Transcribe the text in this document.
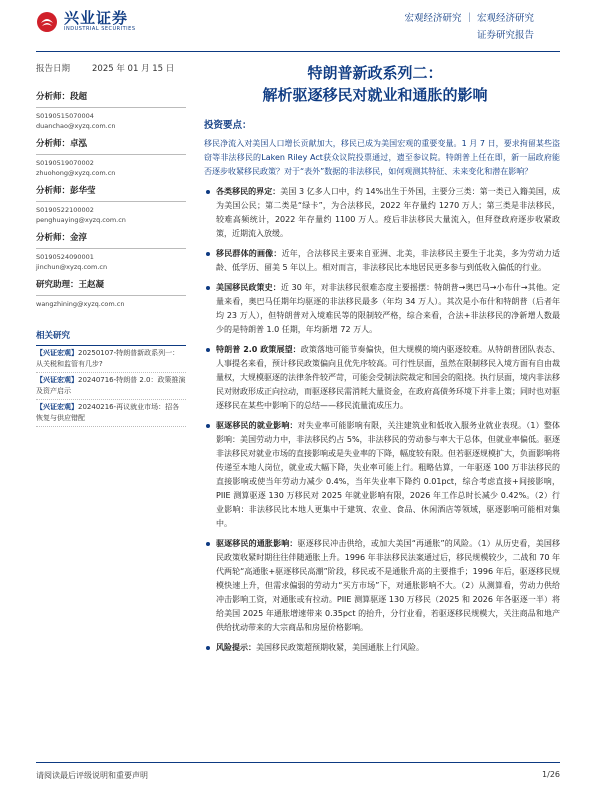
兴业证券
INDUSTRIAL SECURITIES
宏观经济研究 ｜ 宏观经济研究
证券研究报告
报告日期	2025 年 01 月 15 日	特朗普新政系列二：
解析驱逐移民对就业和通胀的影响
分析师：段超
S0190515070004
duanchao@xyzq.com.cn
分析师：卓泓
S0190519070002
zhuohong@xyzq.com.cn
分析师：彭华莹
S0190522100002
penghuaying@xyzq.com.cn
分析师：金淳
S0190524090001
jinchun@xyzq.com.cn
研究助理：王赵凝
wangzhining@xyzq.com.cn
相关研究
【兴证宏观】20250107-特朗普新政系列一：从关税和监管有几步?
【兴证宏观】20240716-特朗普 2.0：政策推演及资产启示
【兴证宏观】20240216-再议就业市场：招各恢复与供应错配
投资要点：
移民净流入对美国人口增长贡献加大，移民已成为美国宏观的重要变量。1 月 7 日，要求拘留某些盗窃等非法移民的Laken Riley Act获众议院投票通过，遗至参议院。特朗普上任在即，新一届政府能否逐步收紧移民政策？对于“表外”数据的非法移民，如何观测其特征、未来变化和潜在影响？
各类移民的界定：美国 3 亿多人口中，约 14%出生于外国，主要分三类：第一类已入籍美国，成为美国公民；第二类是“绿卡”，为合法移民，2022 年存量约 1270 万人；第三类是非法移民，较难高频统计，2022 年存量约 1100 万人。疫后非法移民大量流入，但拜登政府逐步收紧政策，近期流入放缓。
移民群体的画像：近年，合法移民主要来自亚洲、北美，非法移民主要生于北美，多为劳动力适龄、低学历、留美 5 年以上。相对而言，非法移民比本地居民更多参与到低收入偏低的行业。
美国移民政策史：近 30 年，对非法移民很难态度主要摇摆：特朗普→奥巴马→小布什→其他。定量来看，奥巴马任期年均驱逐的非法移民最多（年均 34 万人）。其次是小布什和特朗普（后者年均 23 万人），但特朗普对入境难民等的限制较严格，综合来看，合法+非法移民的净新增人数最少的是特朗普 1.0 任期，年均新增 72 万人。
特朗普 2.0 政策展望：政策落地可能节奏偏快，但大规模的境内驱逐较难。从特朗普团队表态、人事提名来看，预计移民政策偏向且优先序较高。可行性层面，虽然在限制移民入境方面有自由裁量权，大规模驱逐的法律条件较严苛，可能会受制法院裁定和国会的阻挠。执行层面，境内非法移民对财政形成正向拉动，而驱逐移民需消耗大量资金，在政府高债务环境下并非上策；同时也对驱逐移民在某些中影响下的总结——移民流量流成压力。
驱逐移民的就业影响：对失业率可能影响有限，关注建筑业和低收入服务业就业表现。（1）整体影响：美国劳动力中，非法移民约占 5%，非法移民的劳动参与率大于总体，但就业率偏低。驱逐非法移民对就业市场的直接影响或是失业率的下降，幅度较有限。但若驱逐规模扩大，负面影响将传递至本地人岗位，就业或大幅下降，失业率可能上行。粗略估算，一年驱逐 100 万非法移民的直接影响或使当年劳动力减少 0.4%，当年失业率下降约 0.01pct，综合考虑直接+间接影响，PIIE 测算驱逐 130 万移民对 2025 年就业影响有限，2026 年工作总时长减少 0.42%。（2）行业影响：非法移民比本地人更集中于建筑、农业、食品、休闲酒店等领域，驱逐影响可能相对集中。
驱逐移民的通胀影响：驱逐移民冲击供给，或加大美国“再通胀”的风险。（1）从历史看，美国移民政策收紧时期往往伴随通胀上升。1996 年非法移民法案通过后，移民规模较少，二战和 70 年代两轮“高通胀+驱逐移民高潮”阶段，移民或不是通胀升高的主要推手；1996 年后，驱逐移民规模快速上升，但需求偏弱的劳动力“买方市场”下，对通胀影响不大。（2）从测算看，劳动力供给冲击影响工资，对通胀或有拉动。PIIE 测算驱逐 130 万移民（2025 和 2026 年各驱逐一半）将给美国 2025 年通胀增速带来 0.35pct 的抬升，分行业看，若驱逐移民规模大，关注商品和地产供给扰动带来的大宗商品和房屋价格影响。
风险提示：美国移民政策超预期收紧，美国通胀上行风险。
请阅读最后评级说明和重要声明	1/26
